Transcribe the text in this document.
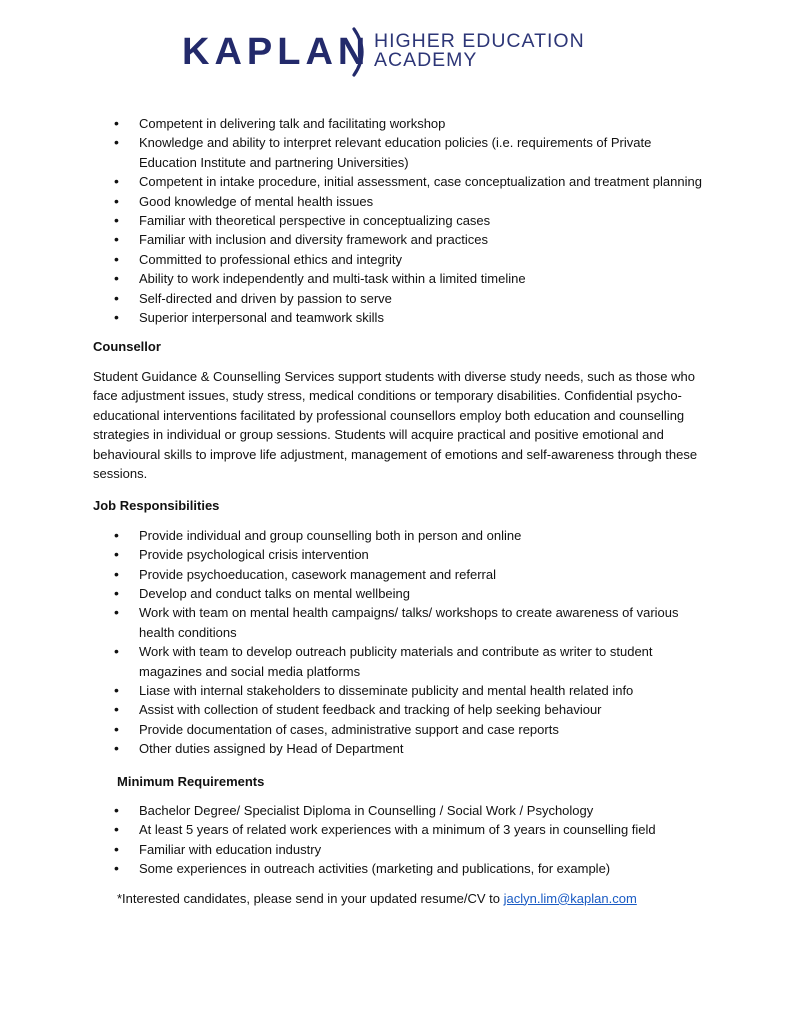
KAPLAN HIGHER EDUCATION
ACADEMY
• Competent in delivering talk and facilitating workshop
• Knowledge and ability to interpret relevant education policies (i.e. requirements of Private Education Institute and partnering Universities)
• Competent in intake procedure, initial assessment, case conceptualization and treatment planning
• Good knowledge of mental health issues
• Familiar with theoretical perspective in conceptualizing cases
• Familiar with inclusion and diversity framework and practices
• Committed to professional ethics and integrity
• Ability to work independently and multi-task within a limited timeline
• Self-directed and driven by passion to serve
• Superior interpersonal and teamwork skills

Counsellor

Student Guidance & Counselling Services support students with diverse study needs, such as those who face adjustment issues, study stress, medical conditions or temporary disabilities. Confidential psycho-educational interventions facilitated by professional counsellors employ both education and counselling strategies in individual or group sessions. Students will acquire practical and positive emotional and behavioural skills to improve life adjustment, management of emotions and self-awareness through these sessions.

Job Responsibilities

• Provide individual and group counselling both in person and online
• Provide psychological crisis intervention
• Provide psychoeducation, casework management and referral
• Develop and conduct talks on mental wellbeing
• Work with team on mental health campaigns/ talks/ workshops to create awareness of various health conditions
• Work with team to develop outreach publicity materials and contribute as writer to student magazines and social media platforms
• Liase with internal stakeholders to disseminate publicity and mental health related info
• Assist with collection of student feedback and tracking of help seeking behaviour
• Provide documentation of cases, administrative support and case reports
• Other duties assigned by Head of Department

Minimum Requirements

• Bachelor Degree/ Specialist Diploma in Counselling / Social Work / Psychology
• At least 5 years of related work experiences with a minimum of 3 years in counselling field
• Familiar with education industry
• Some experiences in outreach activities (marketing and publications, for example)

*Interested candidates, please send in your updated resume/CV to jaclyn.lim@kaplan.com
